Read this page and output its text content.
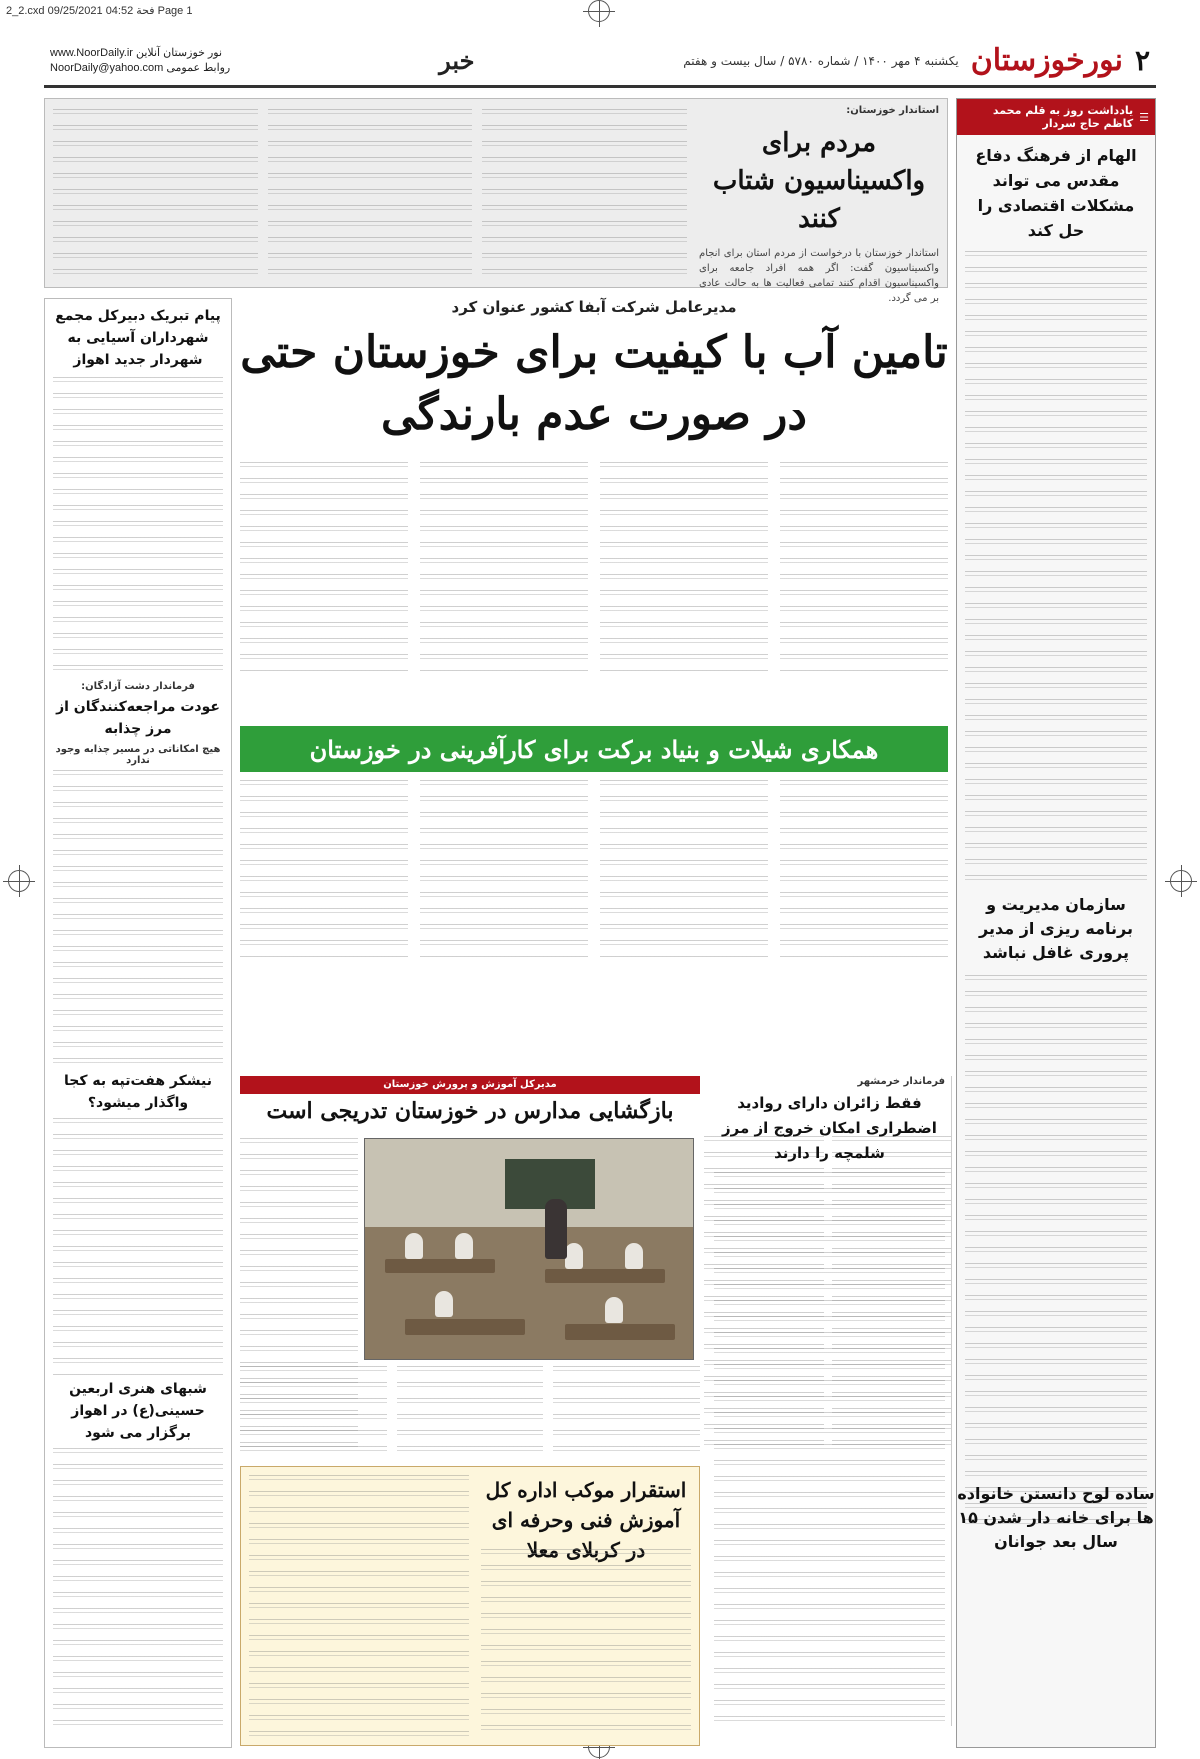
2_2.cxd 09/25/2021 04:52 فحة Page 1
۲
نورخوزستان
یکشنبه ۴ مهر ۱۴۰۰ / شماره ۵۷۸۰ / سال بیست و هفتم
خبر
www.NoorDaily.ir نور خوزستان آنلاین
NoorDaily@yahoo.com روابط عمومی
☰
یادداشت روز به قلم محمد کاظم حاج سردار
الهام از فرهنگ دفاع مقدس می تواند مشکلات اقتصادی را حل کند
سازمان مدیریت و برنامه ریزی از مدیر پروری غافل نباشد
استاندار خوزستان:
مردم برای واکسیناسیون شتاب کنند
استاندار خوزستان با درخواست از مردم استان برای انجام واکسیناسیون گفت: اگر همه افراد جامعه برای واکسیناسیون اقدام کنند تمامی فعالیت ها به حالت عادی بر می گردد.
پیام تبریک دبیرکل مجمع شهرداران آسیایی به شهردار جدید اهواز
فرماندار دشت آزادگان:
عودت مراجعه‌کنندگان از مرز چذابه
هیچ امکاناتی در مسیر چذابه وجود ندارد
نیشکر هفت‌تپه به کجا واگذار میشود؟
شبهای هنری اربعین حسینی(ع) در اهواز برگزار می شود
مدیرعامل شرکت آبفا کشور عنوان کرد
تامین آب با کیفیت برای خوزستان حتی
در صورت عدم بارندگی
همکاری شیلات و بنیاد برکت برای کارآفرینی در خوزستان
مدیرکل آموزش و پرورش خوزستان
بازگشایی مدارس در خوزستان تدریجی است
فرماندار خرمشهر
فقط زائران دارای روادید اضطراری امکان خروج از مرز شلمچه را دارند
استقرار موکب اداره کل آموزش فنی وحرفه ای در کربلای معلا
ساده لوح دانستن خانواده ها برای خانه دار شدن ۱۵ سال بعد جوانان
